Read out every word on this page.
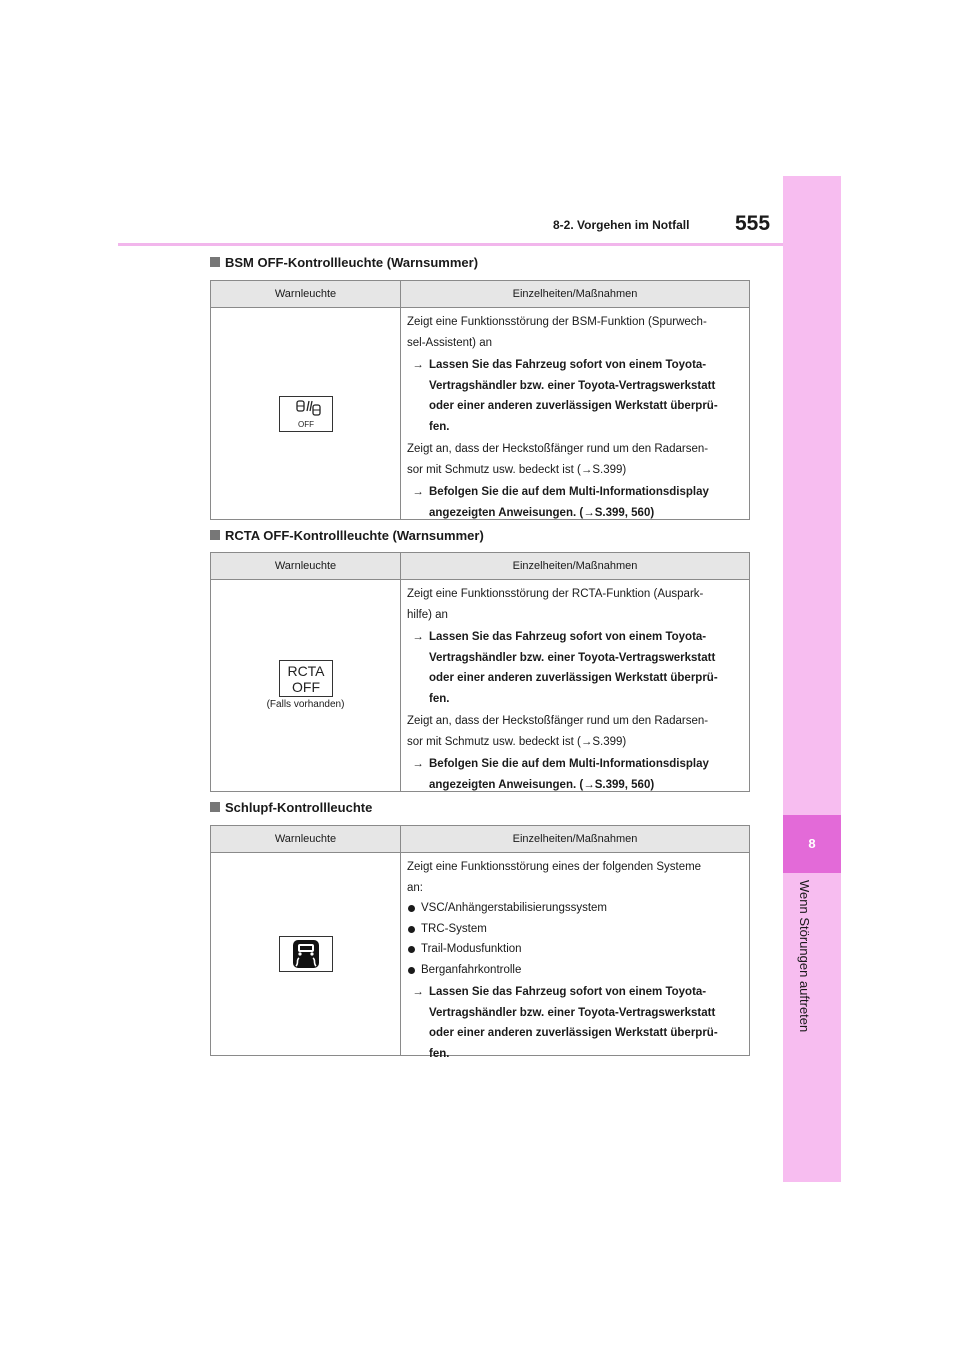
8
Wenn Störungen auftreten
8-2. Vorgehen im Notfall 555
BSM OFF-Kontrollleuchte (Warnsummer)
Warnleuchte	Einzelheiten/Maßnahmen
OFF

Zeigt eine Funktionsstörung der BSM-Funktion (Spurwech-

sel-Assistent) an

→ Lassen Sie das Fahrzeug sofort von einem Toyota-
Vertragshändler bzw. einer Toyota-Vertragswerkstatt
oder einer anderen zuverlässigen Werkstatt überprü-
fen.

Zeigt an, dass der Heckstoßfänger rund um den Radarsen-

sor mit Schmutz usw. bedeckt ist (→S.399)

→ Befolgen Sie die auf dem Multi-Informationsdisplay
angezeigten Anweisungen. (→S.399, 560)
RCTA OFF-Kontrollleuchte (Warnsummer)
Warnleuchte	Einzelheiten/Maßnahmen
RCTA
OFF
(Falls vorhanden)

Zeigt eine Funktionsstörung der RCTA-Funktion (Auspark-

hilfe) an

→ Lassen Sie das Fahrzeug sofort von einem Toyota-
Vertragshändler bzw. einer Toyota-Vertragswerkstatt
oder einer anderen zuverlässigen Werkstatt überprü-
fen.

Zeigt an, dass der Heckstoßfänger rund um den Radarsen-

sor mit Schmutz usw. bedeckt ist (→S.399)

→ Befolgen Sie die auf dem Multi-Informationsdisplay
angezeigten Anweisungen. (→S.399, 560)
Schlupf-Kontrollleuchte
Warnleuchte	Einzelheiten/Maßnahmen

Zeigt eine Funktionsstörung eines der folgenden Systeme

an:

VSC/Anhängerstabilisierungssystem
TRC-System
Trail-Modusfunktion
Berganfahrkontrolle
→ Lassen Sie das Fahrzeug sofort von einem Toyota-
Vertragshändler bzw. einer Toyota-Vertragswerkstatt
oder einer anderen zuverlässigen Werkstatt überprü-
fen.
